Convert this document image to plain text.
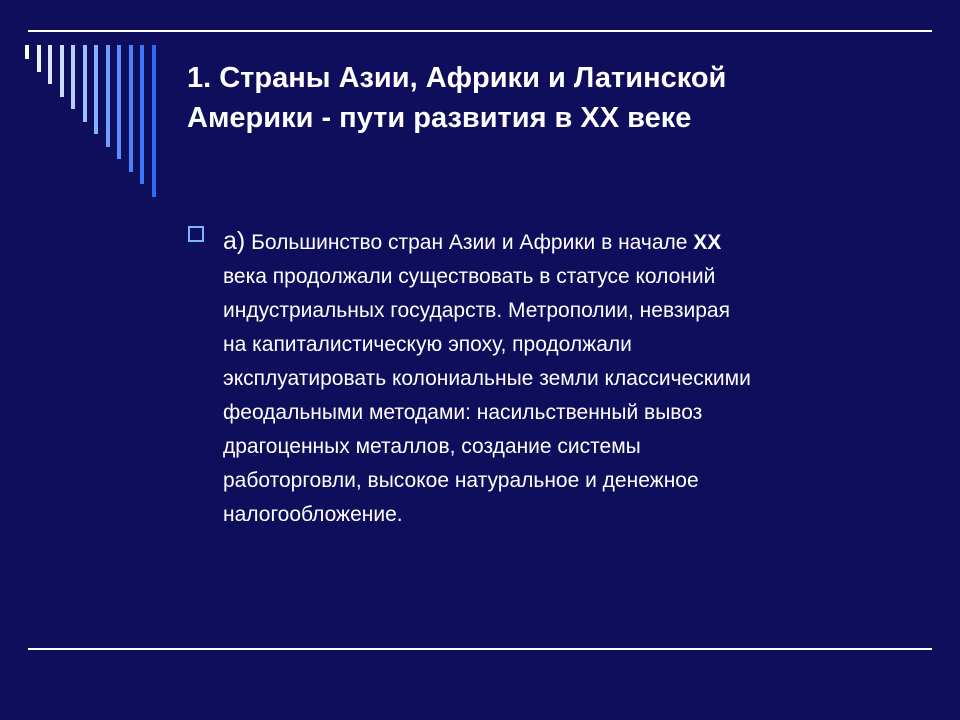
1. Страны Азии, Африки и Латинской
Америки - пути развития в XX веке

а) Большинство стран Азии и Африки в начале XX
века продолжали существовать в статусе колоний
индустриальных государств. Метрополии, невзирая
на капиталистическую эпоху, продолжали
эксплуатировать колониальные земли классическими
феодальными методами: насильственный вывоз
драгоценных металлов, создание системы
работорговли, высокое натуральное и денежное
налогообложение.
